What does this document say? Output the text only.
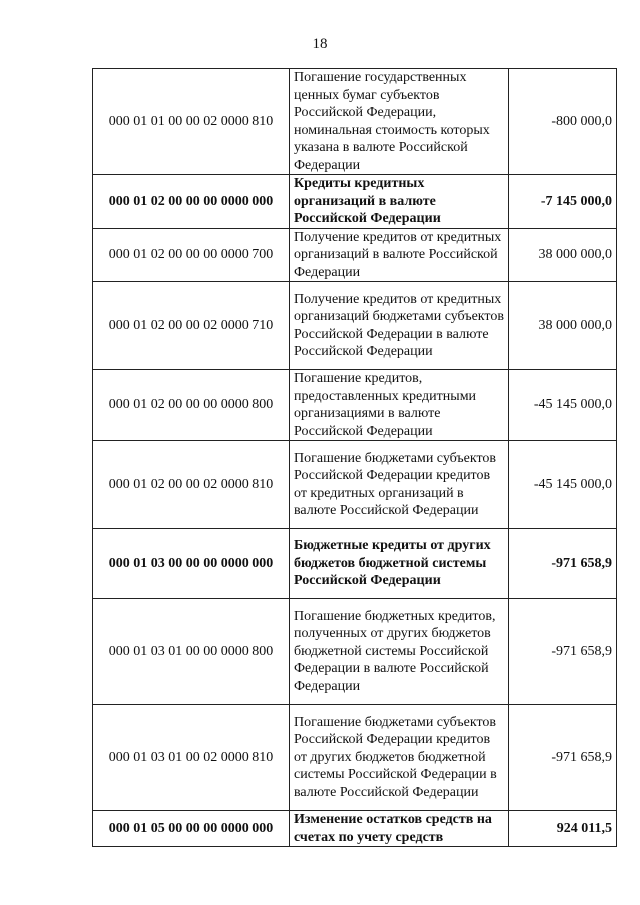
18
000 01 01 00 00 02 0000 810	Погашение государственных ценных бумаг субъектов Российской Федерации, номинальная стоимость которых указана в валюте Российской Федерации	-800 000,0
000 01 02 00 00 00 0000 000	Кредиты кредитных организаций в валюте Российской Федерации	-7 145 000,0
000 01 02 00 00 00 0000 700	Получение кредитов от кредитных организаций в валюте Российской Федерации	38 000 000,0
000 01 02 00 00 02 0000 710	Получение кредитов от кредитных организаций бюджетами субъектов Российской Федерации в валюте Российской Федерации	38 000 000,0
000 01 02 00 00 00 0000 800	Погашение кредитов, предоставленных кредитными организациями в валюте Российской Федерации	-45 145 000,0
000 01 02 00 00 02 0000 810	Погашение бюджетами субъектов Российской Федерации кредитов от кредитных организаций в валюте Российской Федерации	-45 145 000,0
000 01 03 00 00 00 0000 000	Бюджетные кредиты от других бюджетов бюджетной системы Российской Федерации	-971 658,9
000 01 03 01 00 00 0000 800	Погашение бюджетных кредитов, полученных от других бюджетов бюджетной системы Российской Федерации в валюте Российской Федерации	-971 658,9
000 01 03 01 00 02 0000 810	Погашение бюджетами субъектов Российской Федерации кредитов от других бюджетов бюджетной системы Российской Федерации в валюте Российской Федерации	-971 658,9
000 01 05 00 00 00 0000 000	Изменение остатков средств на счетах по учету средств	924 011,5
